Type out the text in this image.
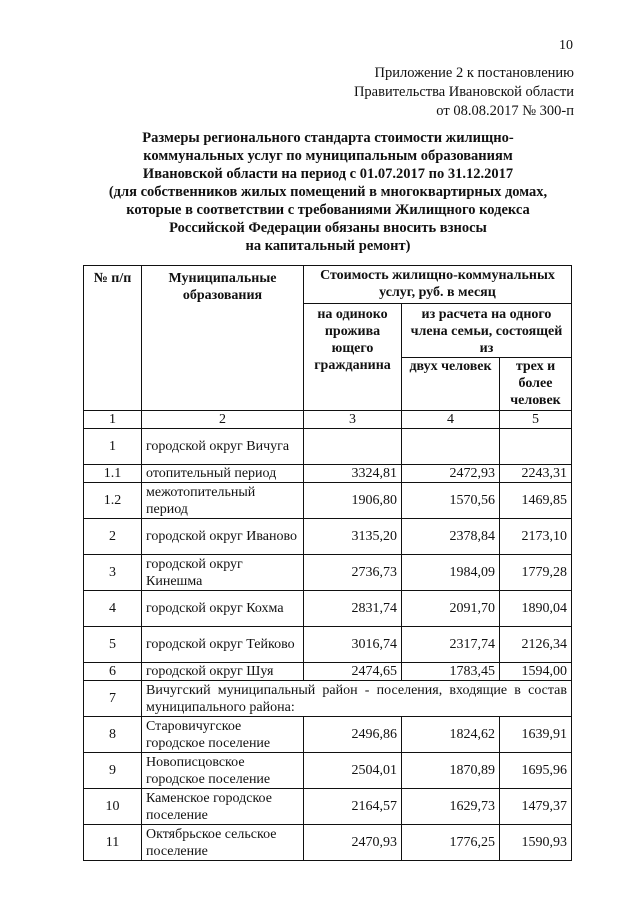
10
Приложение 2 к постановлению
Правительства Ивановской области
от 08.08.2017 № 300-п
Размеры регионального стандарта стоимости жилищно-
коммунальных услуг по муниципальным образованиям
Ивановской области на период с 01.07.2017 по 31.12.2017
(для собственников жилых помещений в многоквартирных домах,
которые в соответствии с требованиями Жилищного кодекса
Российской Федерации обязаны вносить взносы
на капитальный ремонт)
№ п/п	Муниципальные образования	Стоимость жилищно-коммунальных услуг, руб. в месяц		
		на одиноко прожива ющего гражданина	из расчета на одного члена семьи, состоящей из	
			двух человек	трех и более человек
1	2	3	4	5
1	городской округ Вичуга			
1.1	отопительный период	3324,81	2472,93	2243,31
1.2	межотопительный период	1906,80	1570,56	1469,85
2	городской округ Иваново	3135,20	2378,84	2173,10
3	городской округ Кинешма	2736,73	1984,09	1779,28
4	городской округ Кохма	2831,74	2091,70	1890,04
5	городской округ Тейково	3016,74	2317,74	2126,34
6	городской округ Шуя	2474,65	1783,45	1594,00
7	Вичугский муниципальный район - поселения, входящие в состав муниципального района:			
8	Старовичугское городское поселение	2496,86	1824,62	1639,91
9	Новописцовское городское поселение	2504,01	1870,89	1695,96
10	Каменское городское поселение	2164,57	1629,73	1479,37
11	Октябрьское сельское поселение	2470,93	1776,25	1590,93
